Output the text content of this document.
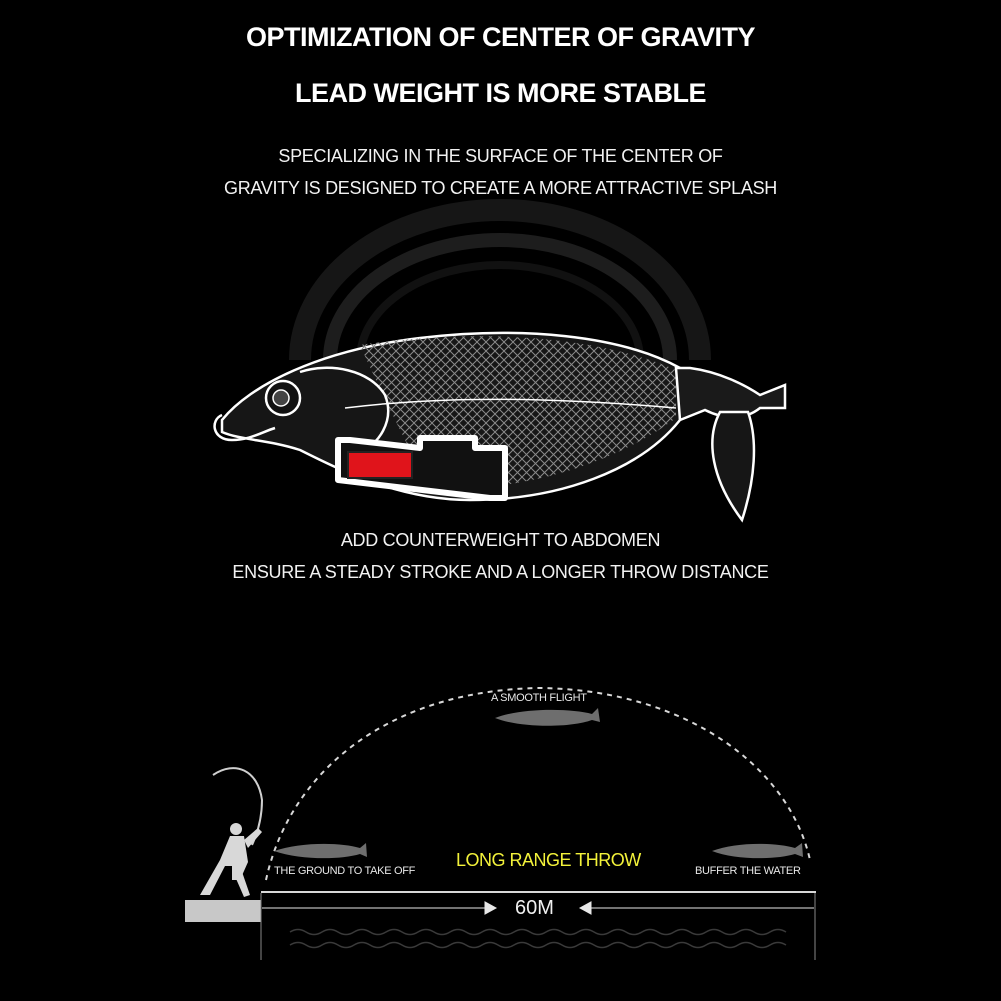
OPTIMIZATION OF CENTER OF GRAVITY
LEAD WEIGHT IS MORE STABLE
SPECIALIZING IN THE SURFACE OF THE CENTER OF
GRAVITY IS DESIGNED TO CREATE A MORE ATTRACTIVE SPLASH
ADD COUNTERWEIGHT TO ABDOMEN
ENSURE A STEADY STROKE AND A LONGER THROW DISTANCE
A SMOOTH FLIGHT
THE GROUND TO TAKE OFF	BUFFER THE WATER
LONG RANGE THROW
60M
